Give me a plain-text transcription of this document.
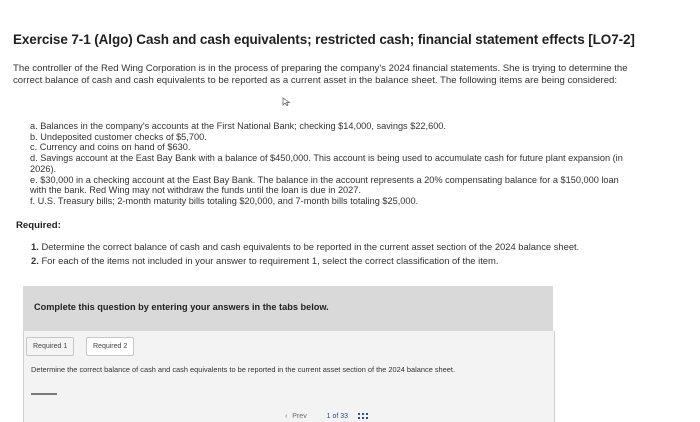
Exercise 7-1 (Algo) Cash and cash equivalents; restricted cash; financial statement effects [LO7-2]
The controller of the Red Wing Corporation is in the process of preparing the company's 2024 financial statements. She is trying to determine the correct balance of cash and cash equivalents to be reported as a current asset in the balance sheet. The following items are being considered:
a. Balances in the company's accounts at the First National Bank; checking $14,000, savings $22,600.
b. Undeposited customer checks of $5,700.
c. Currency and coins on hand of $630.
d. Savings account at the East Bay Bank with a balance of $450,000. This account is being used to accumulate cash for future plant expansion (in 2026).
e. $30,000 in a checking account at the East Bay Bank. The balance in the account represents a 20% compensating balance for a $150,000 loan with the bank. Red Wing may not withdraw the funds until the loan is due in 2027.
f. U.S. Treasury bills; 2-month maturity bills totaling $20,000, and 7-month bills totaling $25,000.
Required:
1. Determine the correct balance of cash and cash equivalents to be reported in the current asset section of the 2024 balance sheet.
2. For each of the items not included in your answer to requirement 1, select the correct classification of the item.
Complete this question by entering your answers in the tabs below.
Required 1	Required 2
Determine the correct balance of cash and cash equivalents to be reported in the current asset section of the 2024 balance sheet.
‹ Prev	1 of 33
